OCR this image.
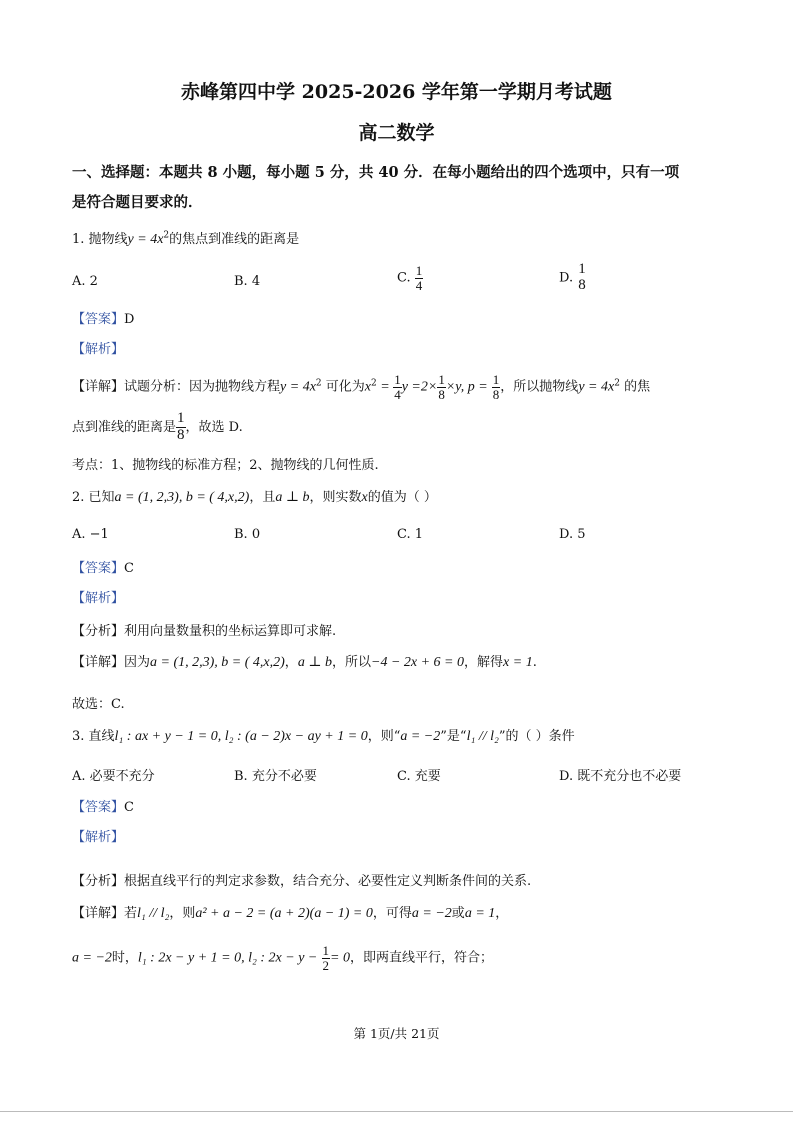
赤峰第四中学 2025-2026 学年第一学期月考试题
高二数学
一、选择题：本题共 8 小题，每小题 5 分，共 40 分．在每小题给出的四个选项中，只有一项
是符合题目要求的．
1. 抛物线$y = 4x^2$的焦点到准线的距离是
A. 2	B. 4	C. $\frac{1}{4}$	D.
1
8
【答案】D
【解析】
【详解】试题分析：因为抛物线方程$y = 4x^2$ 可化为$x^2 = \frac{1}{4}$ $y =2\times \frac{1}{8} \times y$, $p = \frac{1}{8}$ ，所以抛物线$y = 4x^2$ 的焦
点到准线的距离是 $\frac{1}{8}$ ，故选 D.
考点：1、抛物线的标准方程；2、抛物线的几何性质.
2. 已知a = (1, 2,3), b = ( 4,x,2)，且a ⊥ b，则实数x的值为（ ）
A. −1	B. 0	C. 1	D. 5
【答案】C
【解析】
【分析】利用向量数量积的坐标运算即可求解.
【详解】因为a = (1, 2,3), b = ( 4,x,2)，a ⊥ b，所以−4 − 2x + 6 = 0，解得x = 1.
故选：C.
3. 直线l₁ : ax + y − 1 = 0, l₂ : (a − 2)x − ay + 1 = 0，则“a = −2”是“l₁ // l₂”的（ ）条件
A. 必要不充分	B. 充分不必要	C. 充要	D. 既不充分也不必要
【答案】C
【解析】
【分析】根据直线平行的判定求参数，结合充分、必要性定义判断条件间的关系.
【详解】若l₁ // l₂，则a² + a − 2 = (a + 2)(a − 1) = 0，可得a = −2或a = 1，
a = −2时，l₁ : 2x − y + 1 = 0, l₂ : $2x - y - \frac{1}{2} = 0$，即两直线平行，符合；
第 1页/共 21页
